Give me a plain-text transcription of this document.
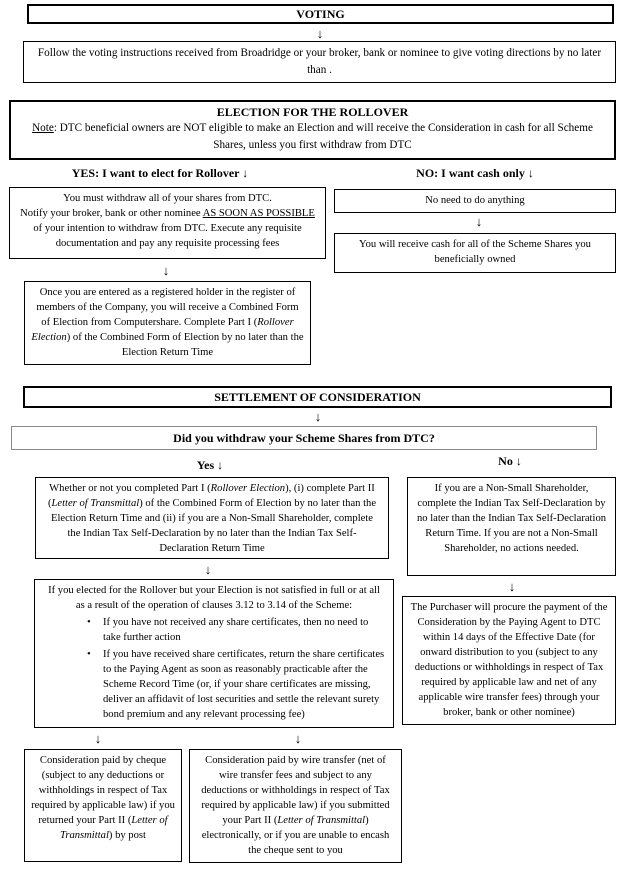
VOTING
↓
Follow the voting instructions received from Broadridge or your broker, bank or nominee to give voting directions by no later than .
ELECTION FOR THE ROLLOVER
Note: DTC beneficial owners are NOT eligible to make an Election and will receive the Consideration in cash for all Scheme Shares, unless you first withdraw from DTC
YES: I want to elect for Rollover ↓	NO: I want cash only ↓
You must withdraw all of your shares from DTC.
Notify your broker, bank or other nominee AS SOON AS POSSIBLE of your intention to withdraw from DTC. Execute any requisite documentation and pay any requisite processing fees
↓
Once you are entered as a registered holder in the register of members of the Company, you will receive a Combined Form of Election from Computershare. Complete Part I (Rollover Election) of the Combined Form of Election by no later than the Election Return Time
No need to do anything
↓
You will receive cash for all of the Scheme Shares you beneficially owned
SETTLEMENT OF CONSIDERATION
↓
Did you withdraw your Scheme Shares from DTC?
Yes ↓	No ↓
Whether or not you completed Part I (Rollover Election), (i) complete Part II (Letter of Transmittal) of the Combined Form of Election by no later than the Election Return Time and (ii) if you are a Non-Small Shareholder, complete the Indian Tax Self-Declaration by no later than the Indian Tax Self-Declaration Return Time
↓
If you elected for the Rollover but your Election is not satisfied in full or at all as a result of the operation of clauses 3.12 to 3.14 of the Scheme:
• If you have not received any share certificates, then no need to take further action
• If you have received share certificates, return the share certificates to the Paying Agent as soon as reasonably practicable after the Scheme Record Time (or, if your share certificates are missing, deliver an affidavit of lost securities and settle the relevant surety bond premium and any relevant processing fee)
↓	↓
Consideration paid by cheque (subject to any deductions or withholdings in respect of Tax required by applicable law) if you returned your Part II (Letter of Transmittal) by post
Consideration paid by wire transfer (net of wire transfer fees and subject to any deductions or withholdings in respect of Tax required by applicable law) if you submitted your Part II (Letter of Transmittal) electronically, or if you are unable to encash the cheque sent to you
If you are a Non-Small Shareholder, complete the Indian Tax Self-Declaration by no later than the Indian Tax Self-Declaration Return Time. If you are not a Non-Small Shareholder, no actions needed.
↓
The Purchaser will procure the payment of the Consideration by the Paying Agent to DTC within 14 days of the Effective Date (for onward distribution to you (subject to any deductions or withholdings in respect of Tax required by applicable law and net of any applicable wire transfer fees) through your broker, bank or other nominee)
